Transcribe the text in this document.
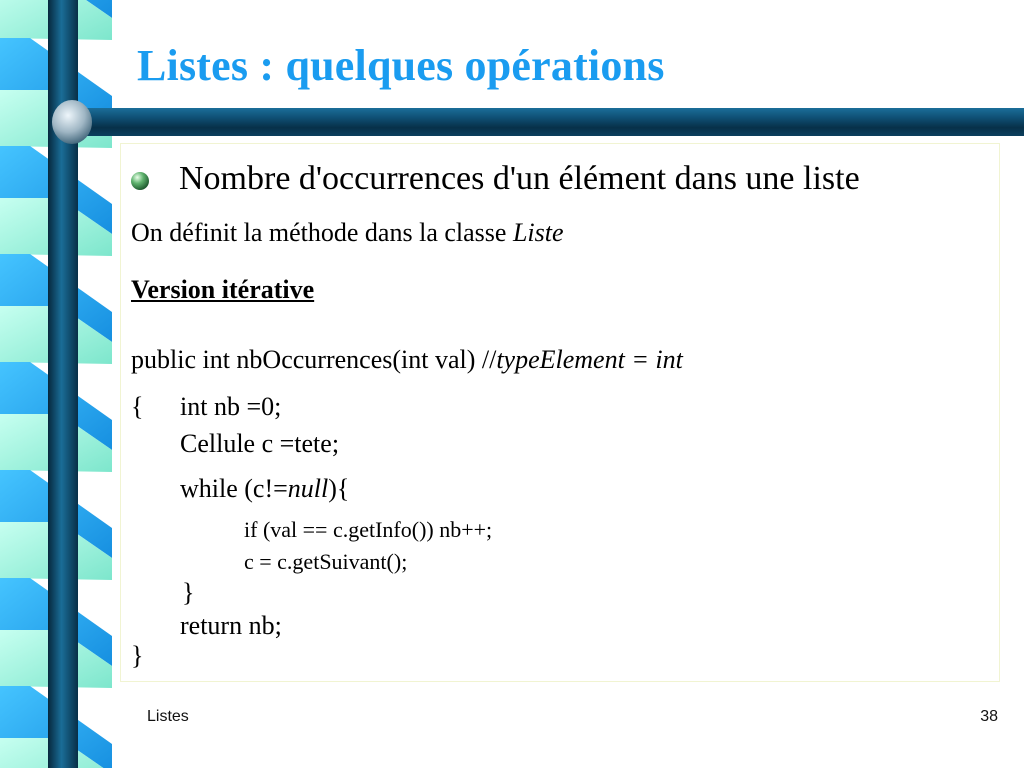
Listes : quelques opérations
Nombre d'occurrences d'un élément dans une liste
On définit la méthode dans la classe Liste
Version itérative
public int nbOccurrences(int val) //typeElement = int
{ int nb =0;
Cellule c =tete;
while (c!=null){
if (val == c.getInfo()) nb++;
c = c.getSuivant();
}
return nb;
}
Listes	38
